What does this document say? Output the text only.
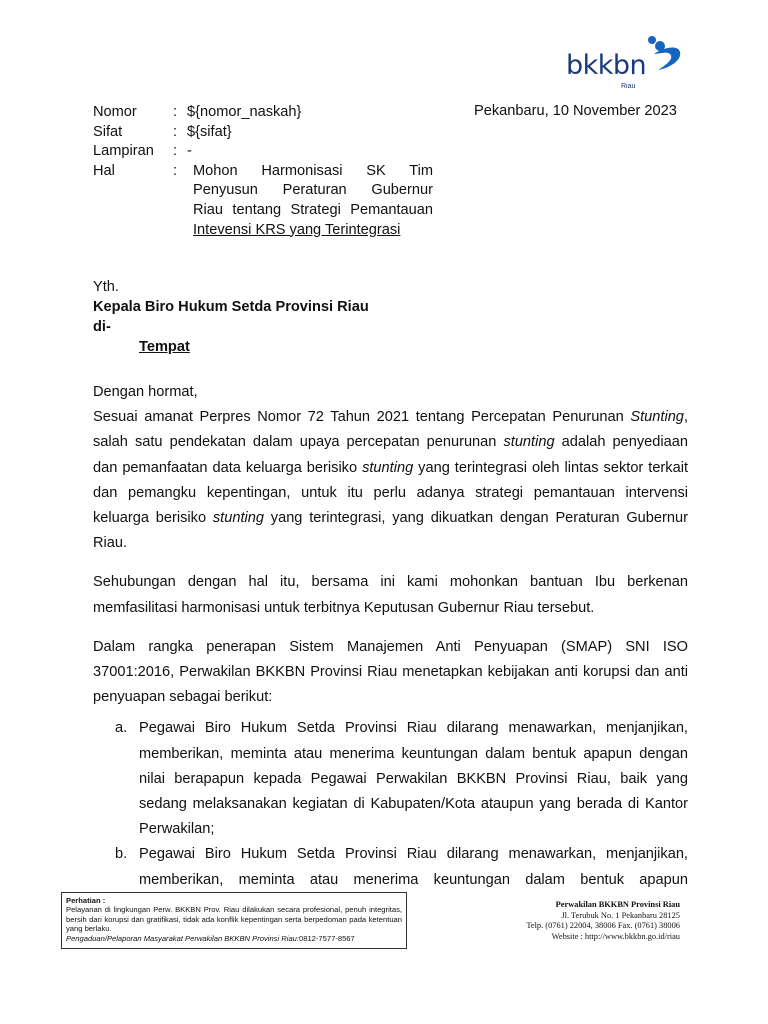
bkkbn
Riau
Pekanbaru, 10 November 2023
Nomor	: ${nomor_naskah}
Sifat	: ${sifat}
Lampiran	: -
Hal	:	Mohon Harmonisasi SK Tim
Penyusun Peraturan Gubernur
Riau tentang Strategi Pemantauan
Intevensi KRS yang Terintegrasi
Yth.
Kepala Biro Hukum Setda Provinsi Riau
di-
Tempat

Dengan hormat,

Sesuai amanat Perpres Nomor 72 Tahun 2021 tentang Percepatan Penurunan Stunting, salah satu pendekatan dalam upaya percepatan penurunan stunting adalah penyediaan dan pemanfaatan data keluarga berisiko stunting yang terintegrasi oleh lintas sektor terkait dan pemangku kepentingan, untuk itu perlu adanya strategi pemantauan intervensi keluarga berisiko stunting yang terintegrasi, yang dikuatkan dengan Peraturan Gubernur Riau.

Sehubungan dengan hal itu, bersama ini kami mohonkan bantuan Ibu berkenan memfasilitasi harmonisasi untuk terbitnya Keputusan Gubernur Riau tersebut.

Dalam rangka penerapan Sistem Manajemen Anti Penyuapan (SMAP) SNI ISO 37001:2016, Perwakilan BKKBN Provinsi Riau menetapkan kebijakan anti korupsi dan anti penyuapan sebagai berikut:

a. Pegawai Biro Hukum Setda Provinsi Riau dilarang menawarkan, menjanjikan, memberikan, meminta atau menerima keuntungan dalam bentuk apapun dengan nilai berapapun kepada Pegawai Perwakilan BKKBN Provinsi Riau, baik yang sedang melaksanakan kegiatan di Kabupaten/Kota ataupun yang berada di Kantor Perwakilan;
b. Pegawai Biro Hukum Setda Provinsi Riau dilarang menawarkan, menjanjikan, memberikan, meminta atau menerima keuntungan dalam bentuk apapun
Perhatian :
Pelayanan di lingkungan Perw. BKKBN Prov. Riau dilakukan secara profesional, penuh integritas, bersih dari korupsi dan gratifikasi, tidak ada konflik kepentingan serta berpedoman pada ketentuan yang berlaku.
Pengaduan/Pelaporan Masyarakat Perwakilan BKKBN Provinsi Riau:0812-7577-8567
Perwakilan BKKBN Provinsi Riau
Jl. Terubuk No. 1 Pekanbaru 28125
Telp. (0761) 22004, 38006 Fax. (0761) 38006
Website : http://www.bkkbn.go.id/riau
